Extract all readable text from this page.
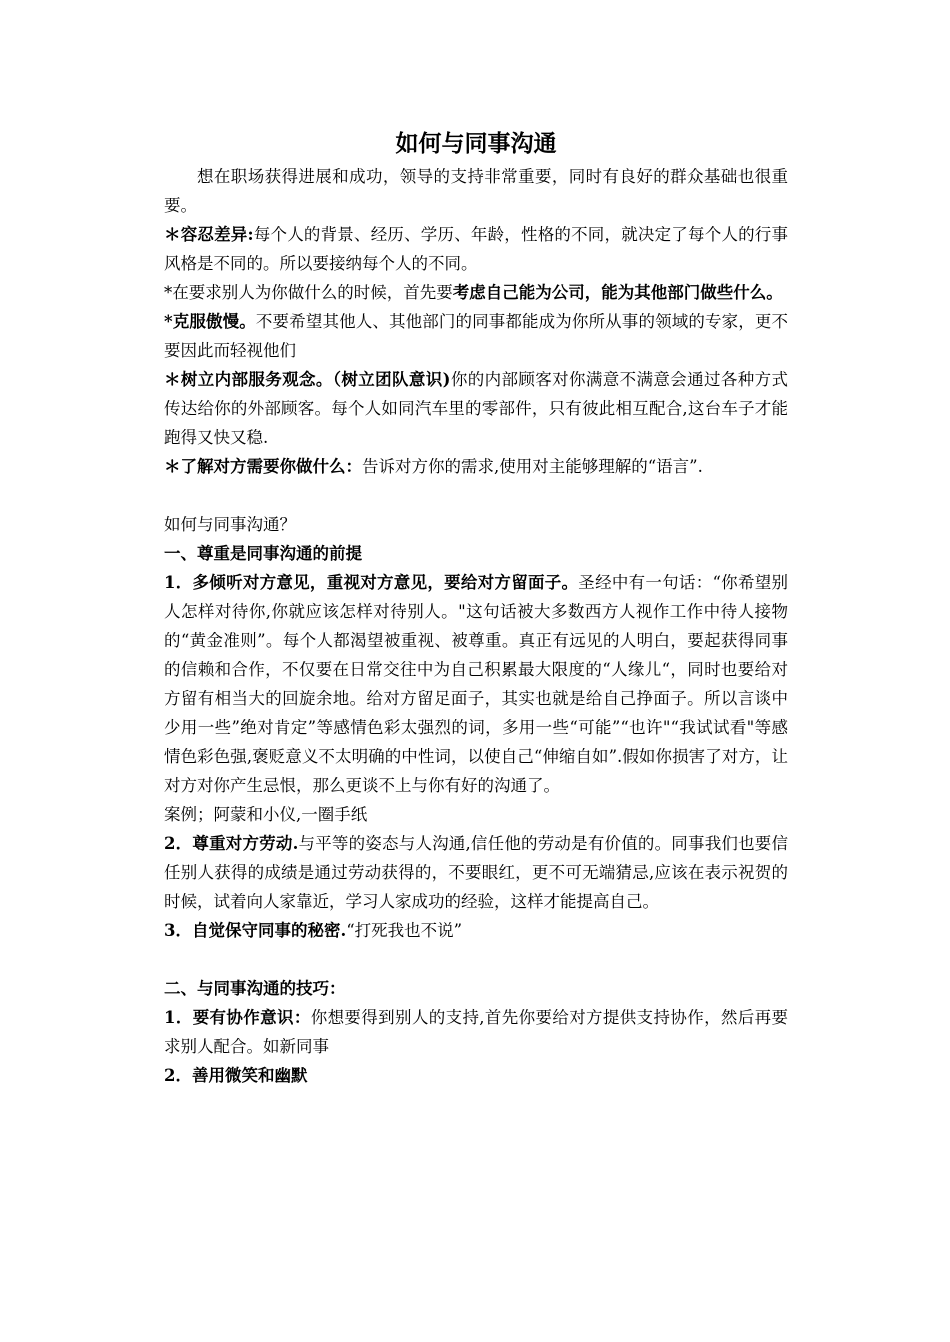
如何与同事沟通

想在职场获得进展和成功，领导的支持非常重要，同时有良好的群众基础也很重要。

＊容忍差异:每个人的背景、经历、学历、年龄，性格的不同，就决定了每个人的行事风格是不同的。所以要接纳每个人的不同。

*在要求别人为你做什么的时候，首先要考虑自己能为公司，能为其他部门做些什么。

*克服傲慢。不要希望其他人、其他部门的同事都能成为你所从事的领域的专家，更不要因此而轻视他们

＊树立内部服务观念。（树立团队意识)你的内部顾客对你满意不满意会通过各种方式传达给你的外部顾客。每个人如同汽车里的零部件，只有彼此相互配合,这台车子才能跑得又快又稳.

＊了解对方需要你做什么：告诉对方你的需求,使用对主能够理解的“语言”.

如何与同事沟通？

一、尊重是同事沟通的前提

1．多倾听对方意见，重视对方意见，要给对方留面子。圣经中有一句话：“你希望别人怎样对待你,你就应该怎样对待别人。"这句话被大多数西方人视作工作中待人接物的“黄金准则”。每个人都渴望被重视、被尊重。真正有远见的人明白，要起获得同事的信赖和合作，不仅要在日常交往中为自己积累最大限度的“人缘儿“，同时也要给对方留有相当大的回旋余地。给对方留足面子，其实也就是给自己挣面子。所以言谈中少用一些”绝对肯定”等感情色彩太强烈的词，多用一些“可能”“也许"“我试试看"等感情色彩色强,褒贬意义不太明确的中性词，以使自己“伸缩自如”.假如你损害了对方，让对方对你产生忌恨，那么更谈不上与你有好的沟通了。

案例；阿蒙和小仪,一圈手纸

2．尊重对方劳动.与平等的姿态与人沟通,信任他的劳动是有价值的。同事我们也要信任别人获得的成绩是通过劳动获得的，不要眼红，更不可无端猜忌,应该在表示祝贺的时候，试着向人家靠近，学习人家成功的经验，这样才能提高自己。

3．自觉保守同事的秘密.“打死我也不说”

二、与同事沟通的技巧：

1．要有协作意识：你想要得到别人的支持,首先你要给对方提供支持协作，然后再要求别人配合。如新同事

2．善用微笑和幽默
